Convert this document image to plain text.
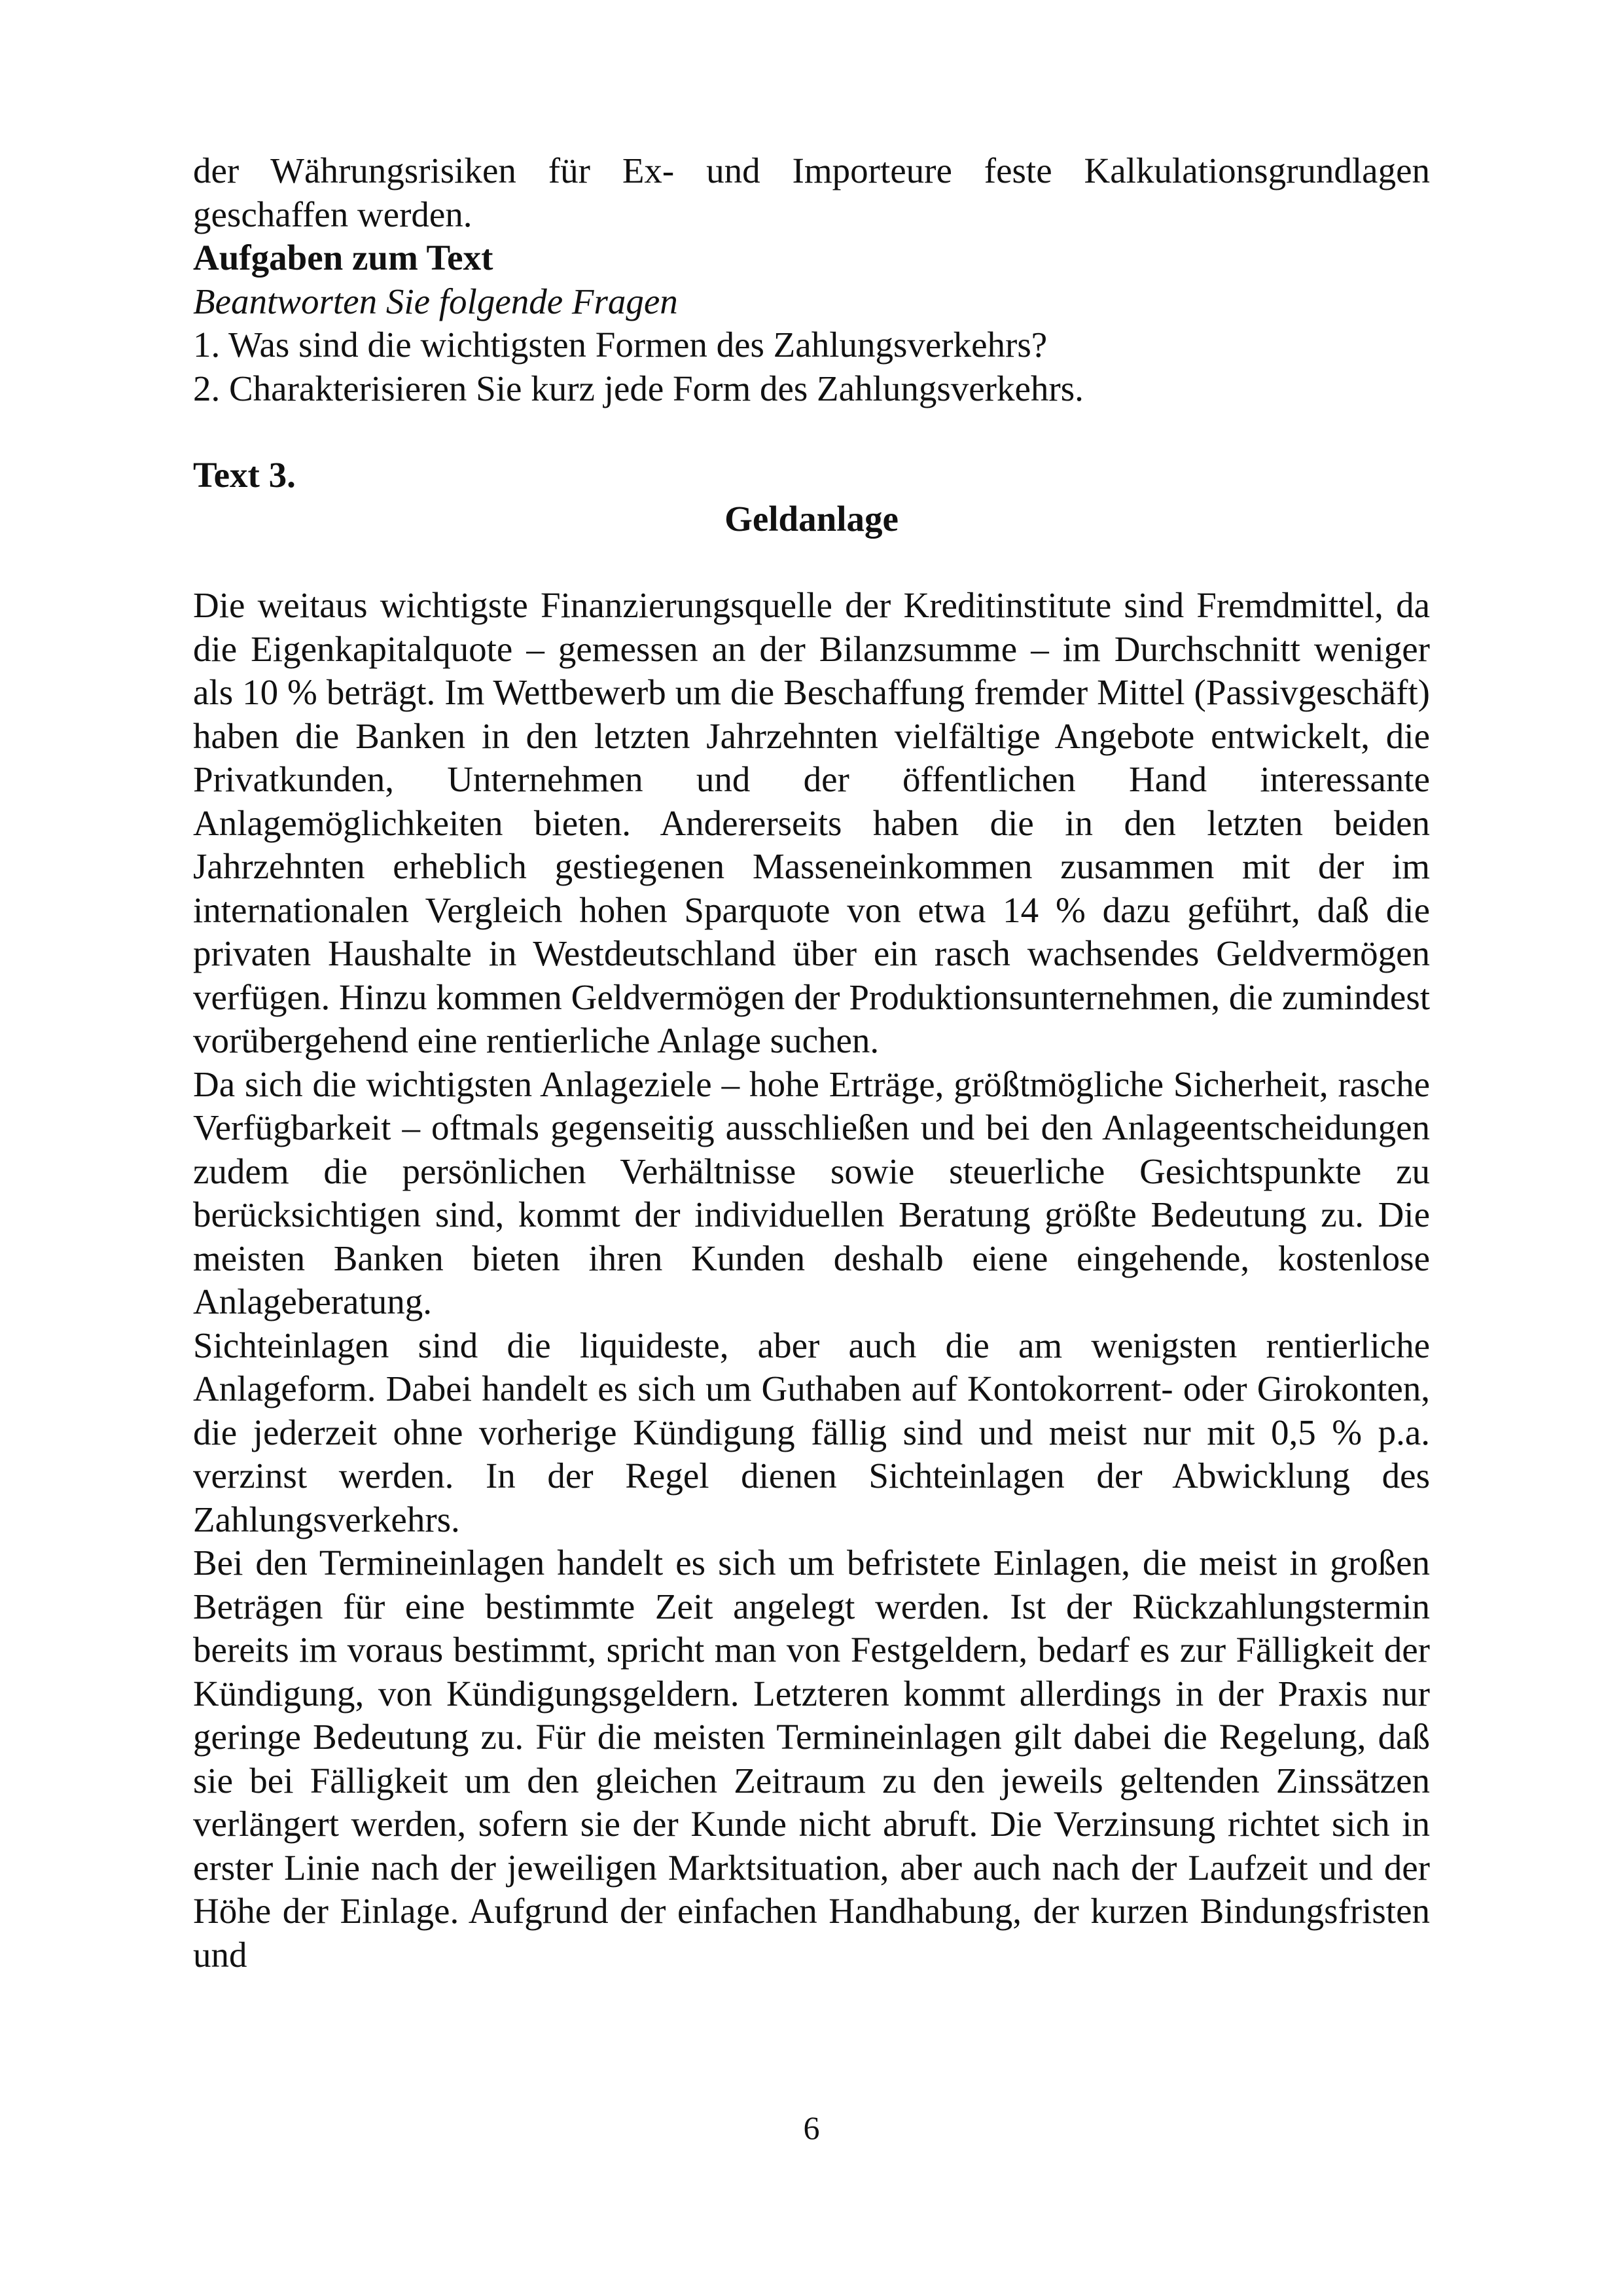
der Währungsrisiken für Ex- und Importeure feste Kalkulationsgrundlagen geschaffen werden.

Aufgaben zum Text

Beantworten Sie folgende Fragen

1. Was sind die wichtigsten Formen des Zahlungsverkehrs?

2. Charakterisieren Sie kurz jede Form des Zahlungsverkehrs.

Text 3.

Geldanlage

Die weitaus wichtigste Finanzierungsquelle der Kreditinstitute sind Fremdmittel, da die Eigenkapitalquote – gemessen an der Bilanzsumme – im Durchschnitt weniger als 10 % beträgt. Im Wettbewerb um die Beschaffung fremder Mittel (Passivgeschäft) haben die Banken in den letzten Jahrzehnten vielfältige Angebote entwickelt, die Privatkunden, Unternehmen und der öffentlichen Hand interessante Anlagemöglichkeiten bieten. Andererseits haben die in den letzten beiden Jahrzehnten erheblich gestiegenen Masseneinkommen zusammen mit der im internationalen Vergleich hohen Sparquote von etwa 14 % dazu geführt, daß die privaten Haushalte in Westdeutschland über ein rasch wachsendes Geldvermögen verfügen. Hinzu kommen Geldvermögen der Produktionsunternehmen, die zumindest vorübergehend eine rentierliche Anlage suchen.

Da sich die wichtigsten Anlageziele – hohe Erträge, größtmögliche Sicherheit, rasche Verfügbarkeit – oftmals gegenseitig ausschließen und bei den Anlageentscheidungen zudem die persönlichen Verhältnisse sowie steuerliche Gesichtspunkte zu berücksichtigen sind, kommt der individuellen Beratung größte Bedeutung zu. Die meisten Banken bieten ihren Kunden deshalb eiene eingehende, kostenlose Anlageberatung.

Sichteinlagen sind die liquideste, aber auch die am wenigsten rentierliche Anlageform. Dabei handelt es sich um Guthaben auf Kontokorrent- oder Girokonten, die jederzeit ohne vorherige Kündigung fällig sind und meist nur mit 0,5 % p.a. verzinst werden. In der Regel dienen Sichteinlagen der Abwicklung des Zahlungsverkehrs.

Bei den Termineinlagen handelt es sich um befristete Einlagen, die meist in großen Beträgen für eine bestimmte Zeit angelegt werden. Ist der Rückzahlungstermin bereits im voraus bestimmt, spricht man von Festgeldern, bedarf es zur Fälligkeit der Kündigung, von Kündigungsgeldern. Letzteren kommt allerdings in der Praxis nur geringe Bedeutung zu. Für die meisten Termineinlagen gilt dabei die Regelung, daß sie bei Fälligkeit um den gleichen Zeitraum zu den jeweils geltenden Zinssätzen verlängert werden, sofern sie der Kunde nicht abruft. Die Verzinsung richtet sich in erster Linie nach der jeweiligen Marktsituation, aber auch nach der Laufzeit und der Höhe der Einlage. Aufgrund der einfachen Handhabung, der kurzen Bindungsfristen und

6
